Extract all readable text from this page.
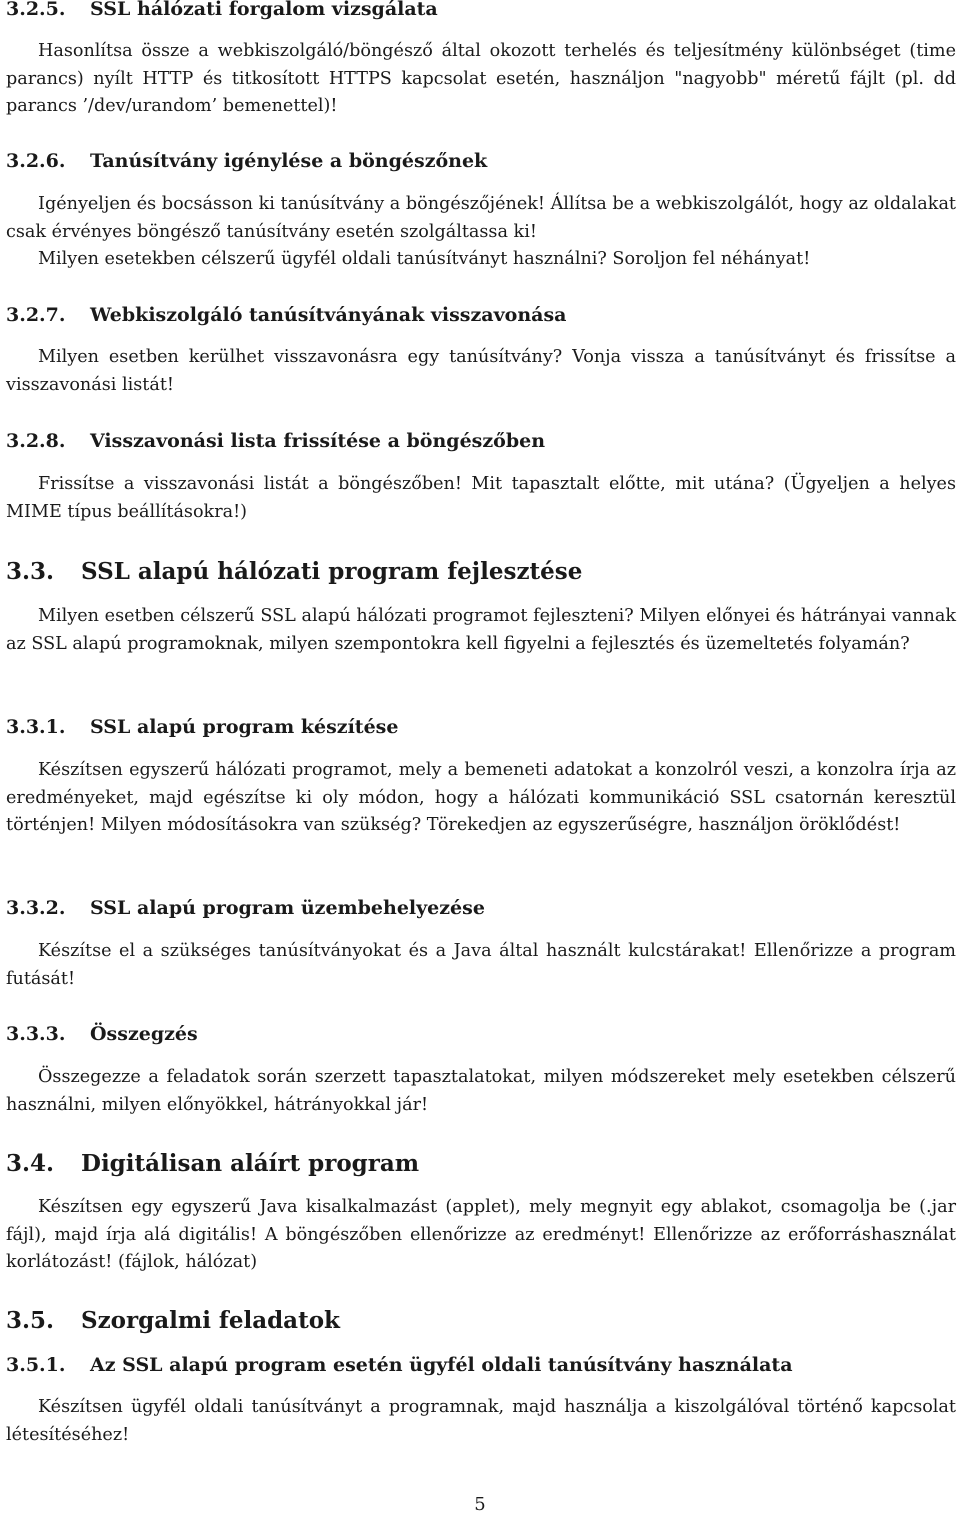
3.2.5. SSL hálózati forgalom vizsgálata

Hasonlítsa össze a webkiszolgáló/böngésző által okozott terhelés és teljesítmény különbséget (time parancs) nyílt HTTP és titkosított HTTPS kapcsolat esetén, használjon "nagyobb" méretű fájlt (pl. dd parancs ’/dev/urandom’ bemenettel)!

3.2.6. Tanúsítvány igénylése a böngészőnek

Igényeljen és bocsásson ki tanúsítvány a böngészőjének! Állítsa be a webkiszolgálót, hogy az oldalakat csak érvényes böngésző tanúsítvány esetén szolgáltassa ki!

Milyen esetekben célszerű ügyfél oldali tanúsítványt használni? Soroljon fel néhányat!

3.2.7. Webkiszolgáló tanúsítványának visszavonása

Milyen esetben kerülhet visszavonásra egy tanúsítvány? Vonja vissza a tanúsítványt és frissítse a visszavonási listát!

3.2.8. Visszavonási lista frissítése a böngészőben

Frissítse a visszavonási listát a böngészőben! Mit tapasztalt előtte, mit utána? (Ügyeljen a helyes MIME típus beállításokra!)

3.3. SSL alapú hálózati program fejlesztése

Milyen esetben célszerű SSL alapú hálózati programot fejleszteni? Milyen előnyei és hátrányai vannak az SSL alapú programoknak, milyen szempontokra kell figyelni a fejlesztés és üzemeltetés folyamán?

3.3.1. SSL alapú program készítése

Készítsen egyszerű hálózati programot, mely a bemeneti adatokat a konzolról veszi, a konzolra írja az eredményeket, majd egészítse ki oly módon, hogy a hálózati kommunikáció SSL csatornán keresztül történjen! Milyen módosításokra van szükség? Törekedjen az egyszerűségre, használjon öröklődést!

3.3.2. SSL alapú program üzembehelyezése

Készítse el a szükséges tanúsítványokat és a Java által használt kulcstárakat! Ellenőrizze a program futását!

3.3.3. Összegzés

Összegezze a feladatok során szerzett tapasztalatokat, milyen módszereket mely esetekben célszerű használni, milyen előnyökkel, hátrányokkal jár!

3.4. Digitálisan aláírt program

Készítsen egy egyszerű Java kisalkalmazást (applet), mely megnyit egy ablakot, csomagolja be (.jar fájl), majd írja alá digitális! A böngészőben ellenőrizze az eredményt! Ellenőrizze az erőforráshasználat korlátozást! (fájlok, hálózat)

3.5. Szorgalmi feladatok
3.5.1. Az SSL alapú program esetén ügyfél oldali tanúsítvány használata

Készítsen ügyfél oldali tanúsítványt a programnak, majd használja a kiszolgálóval történő kapcsolat létesítéséhez!

5
